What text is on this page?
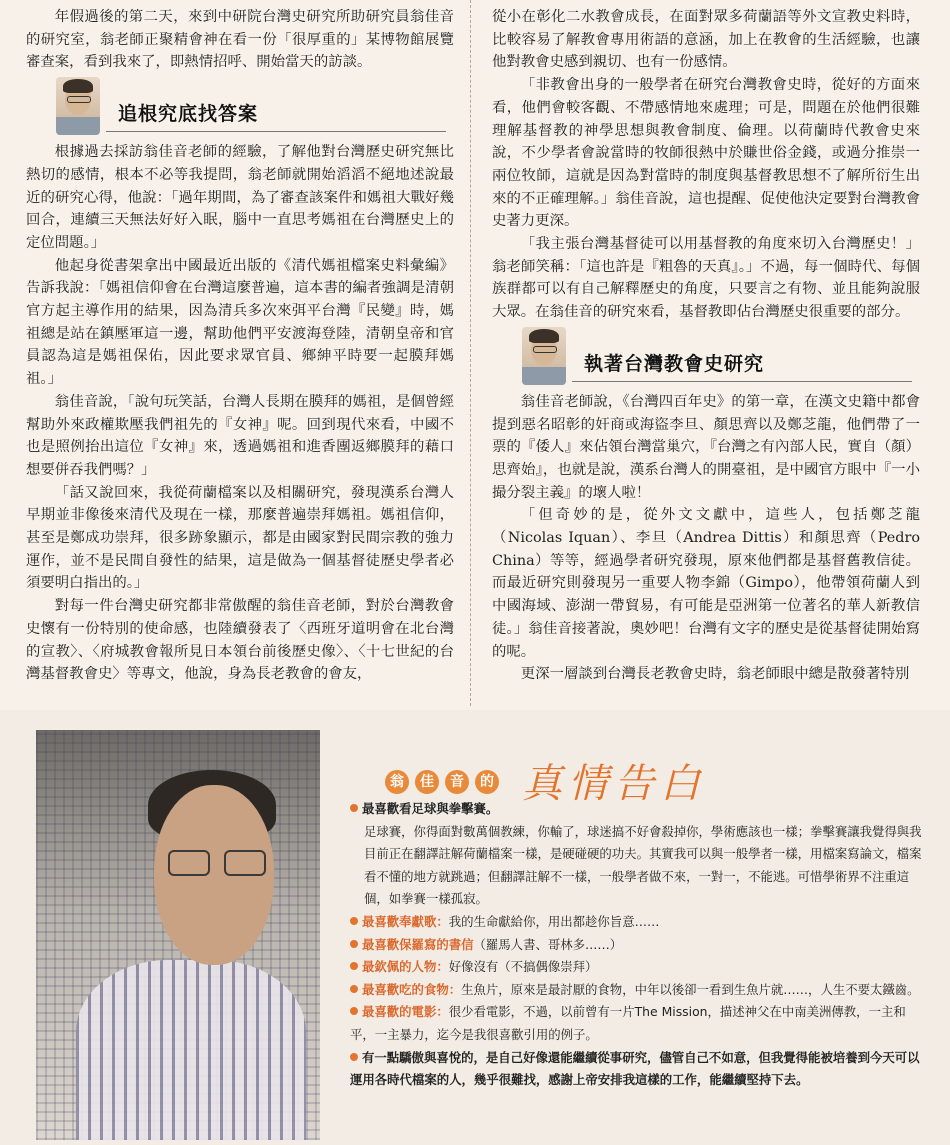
年假過後的第二天，來到中研院台灣史研究所助研究員翁佳音的研究室，翁老師正聚精會神在看一份「很厚重的」某博物館展覽審查案，看到我來了，即熱情招呼、開始當天的訪談。

追根究底找答案

根據過去採訪翁佳音老師的經驗，了解他對台灣歷史研究無比熱切的感情，根本不必等我提問，翁老師就開始滔滔不絕地述說最近的研究心得，他說：「過年期間，為了審查該案件和媽祖大戰好幾回合，連續三天無法好好入眠，腦中一直思考媽祖在台灣歷史上的定位問題。」

他起身從書架拿出中國最近出版的《清代媽祖檔案史料彙編》告訴我說：「媽祖信仰會在台灣這麼普遍，這本書的編者強調是清朝官方起主導作用的結果，因為清兵多次來弭平台灣『民變』時，媽祖總是站在鎮壓軍這一邊，幫助他們平安渡海登陸，清朝皇帝和官員認為這是媽祖保佑，因此要求眾官員、鄉紳平時要一起膜拜媽祖。」

翁佳音說，「說句玩笑話，台灣人長期在膜拜的媽祖，是個曾經幫助外來政權欺壓我們祖先的『女神』呢。回到現代來看，中國不也是照例抬出這位『女神』來，透過媽祖和進香團返鄉膜拜的藉口想要併吞我們嗎？」

「話又說回來，我從荷蘭檔案以及相關研究，發現漢系台灣人早期並非像後來清代及現在一樣，那麼普遍崇拜媽祖。媽祖信仰，甚至是鄭成功崇拜，很多跡象顯示，都是由國家對民間宗教的強力運作，並不是民間自發性的結果，這是做為一個基督徒歷史學者必須要明白指出的。」

對每一件台灣史研究都非常傲醒的翁佳音老師，對於台灣教會史懷有一份特別的使命感，也陸續發表了〈西班牙道明會在北台灣的宣教〉、〈府城教會報所見日本領台前後歷史像〉、〈十七世紀的台灣基督教會史〉等專文，他說，身為長老教會的會友，

從小在彰化二水教會成長，在面對眾多荷蘭語等外文宣教史料時，比較容易了解教會專用術語的意涵，加上在教會的生活經驗，也讓他對教會史感到親切、也有一份感情。

「非教會出身的一般學者在研究台灣教會史時，從好的方面來看，他們會較客觀、不帶感情地來處理；可是，問題在於他們很難理解基督教的神學思想與教會制度、倫理。以荷蘭時代教會史來說，不少學者會說當時的牧師很熱中於賺世俗金錢，或過分推崇一兩位牧師，這就是因為對當時的制度與基督教思想不了解所衍生出來的不正確理解。」翁佳音說，這也提醒、促使他決定要對台灣教會史著力更深。

「我主張台灣基督徒可以用基督教的角度來切入台灣歷史！」翁老師笑稱：「這也許是『粗魯的天真』。」不過，每一個時代、每個族群都可以有自己解釋歷史的角度，只要言之有物、並且能夠說服大眾。在翁佳音的研究來看，基督教即佔台灣歷史很重要的部分。

執著台灣教會史研究

翁佳音老師說，《台灣四百年史》的第一章，在漢文史籍中都會提到惡名昭彰的奸商或海盜李旦、顏思齊以及鄭芝龍，他們帶了一票的『倭人』來佔領台灣當巢穴，『台灣之有內部人民，實自（顏）思齊始』，也就是說，漢系台灣人的開臺祖，是中國官方眼中『一小撮分裂主義』的壞人啦！

「但奇妙的是，從外文文獻中，這些人，包括鄭芝龍（Nicolas Iquan）、李旦（Andrea Dittis）和顏思齊（Pedro China）等等，經過學者研究發現，原來他們都是基督舊教信徒。而最近研究則發現另一重要人物李錦（Gimpo），他帶領荷蘭人到中國海域、澎湖一帶貿易，有可能是亞洲第一位著名的華人新教信徒。」翁佳音接著說，奧妙吧！台灣有文字的歷史是從基督徒開始寫的呢。

更深一層談到台灣長老教會史時，翁老師眼中總是散發著特別

翁 佳 音 的 真情告白
最喜歡看足球與拳擊賽。
足球賽，你得面對數萬個教練，你輸了，球迷搞不好會殺掉你，學術應該也一樣；拳擊賽讓我覺得與我目前正在翻譯註解荷蘭檔案一樣，是硬碰硬的功夫。其實我可以與一般學者一樣，用檔案寫論文，檔案看不懂的地方就跳過；但翻譯註解不一樣，一般學者做不來，一對一，不能逃。可惜學術界不注重這個，如拳賽一樣孤寂。
最喜歡奉獻歌：我的生命獻給你，用出都趁你旨意……
最喜歡保羅寫的書信（羅馬人書、哥林多……）
最欽佩的人物：好像沒有（不搞偶像崇拜）
最喜歡吃的食物：生魚片，原來是最討厭的食物，中年以後卻一看到生魚片就……，人生不要太鐵齒。
最喜歡的電影：很少看電影，不過，以前曾有一片The Mission，描述神父在中南美洲傳教，一主和平，一主暴力，迄今是我很喜歡引用的例子。
有一點驕傲與喜悅的，是自己好像還能繼續從事研究，儘管自己不如意，但我覺得能被培養到今天可以運用各時代檔案的人，幾乎很難找，感謝上帝安排我這樣的工作，能繼續堅持下去。
